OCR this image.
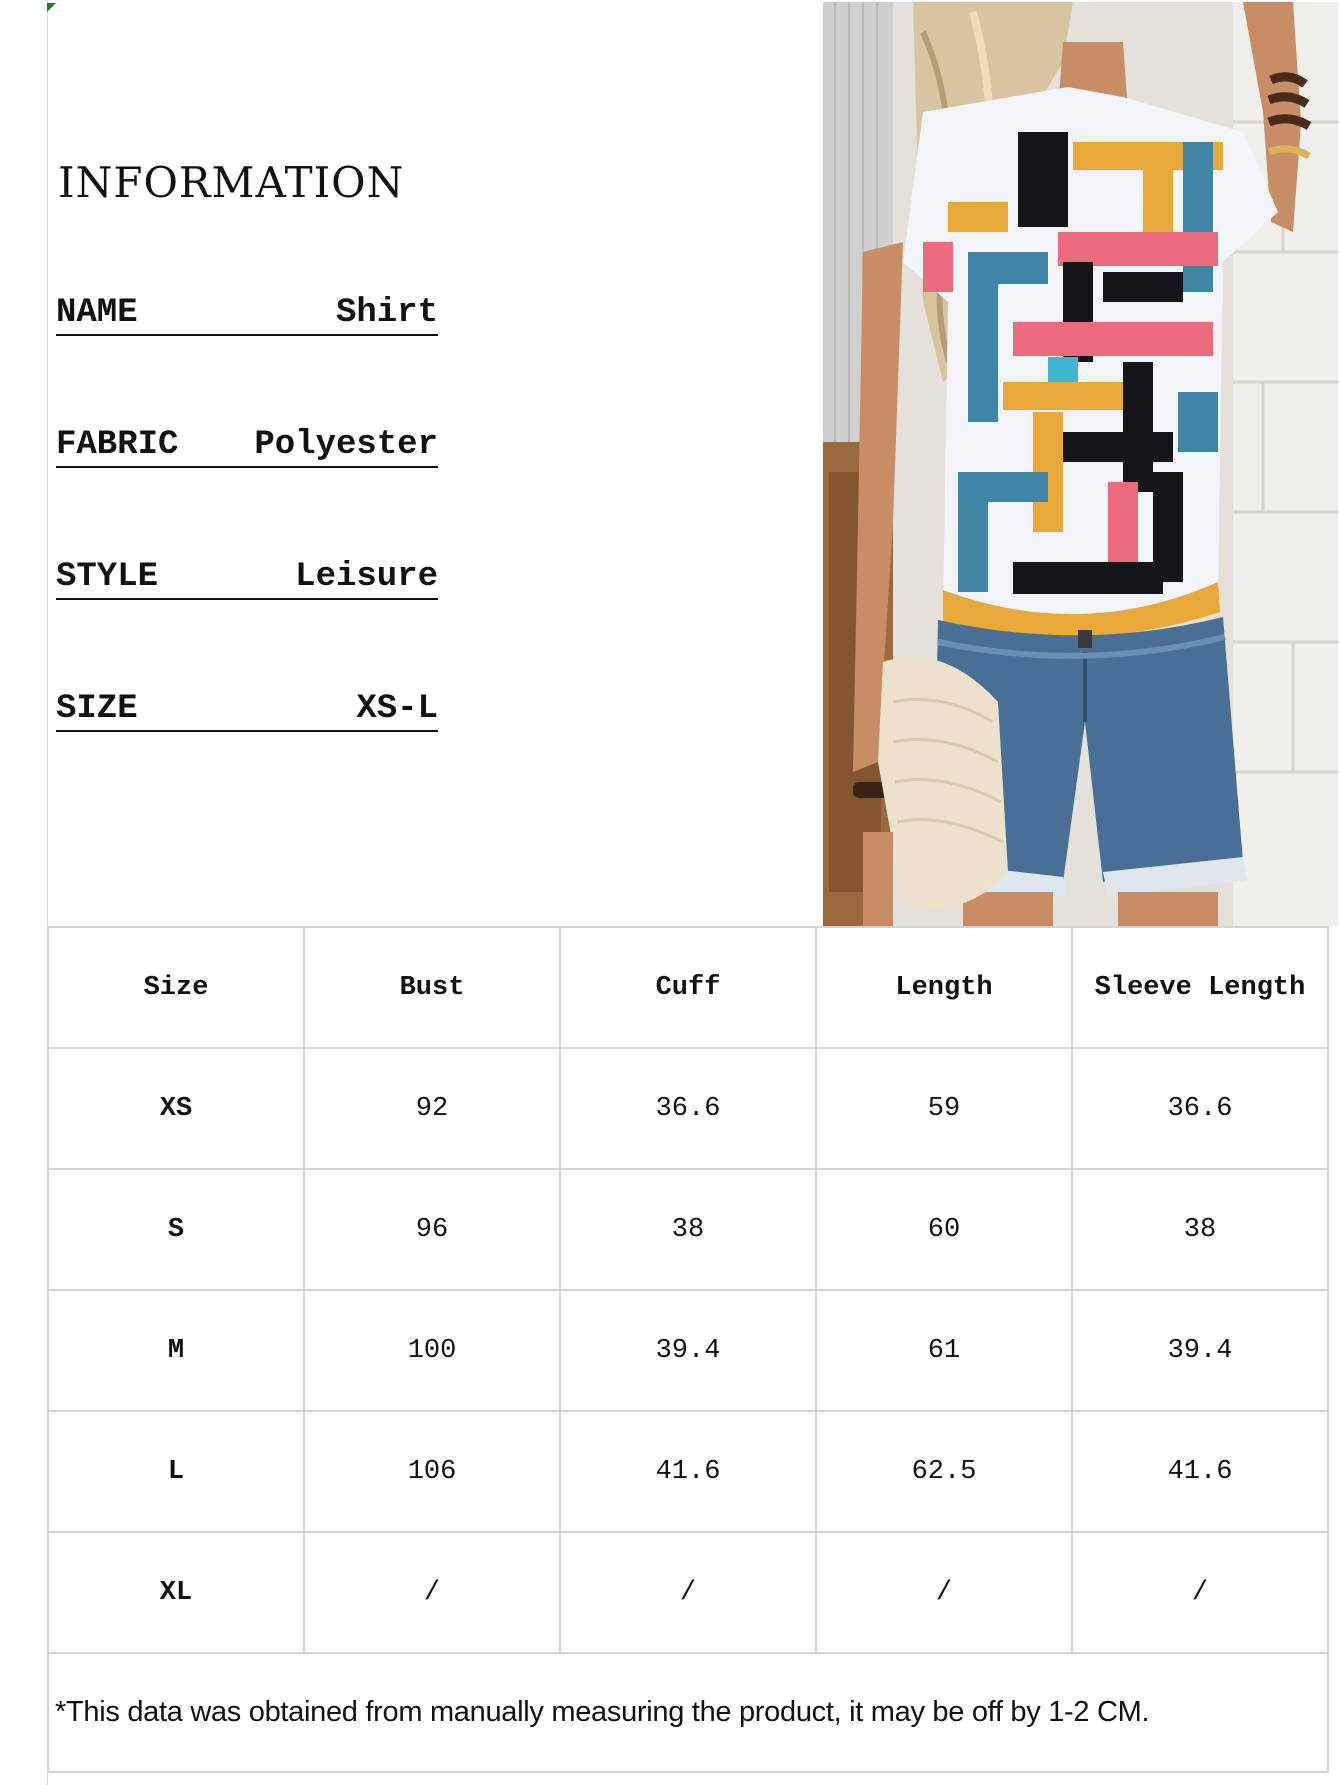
INFORMATION
NAME	Shirt
FABRIC Polyester
STYLE	Leisure
SIZE	XS-L
Size	Bust	Cuff	Length	Sleeve Length
XS	92	36.6	59	36.6
S	96	38	60	38
M	100	39.4	61	39.4
L	106	41.6	62.5	41.6
XL	/	/	/	/
*This data was obtained from manually measuring the product, it may be off by 1-2 CM.				
